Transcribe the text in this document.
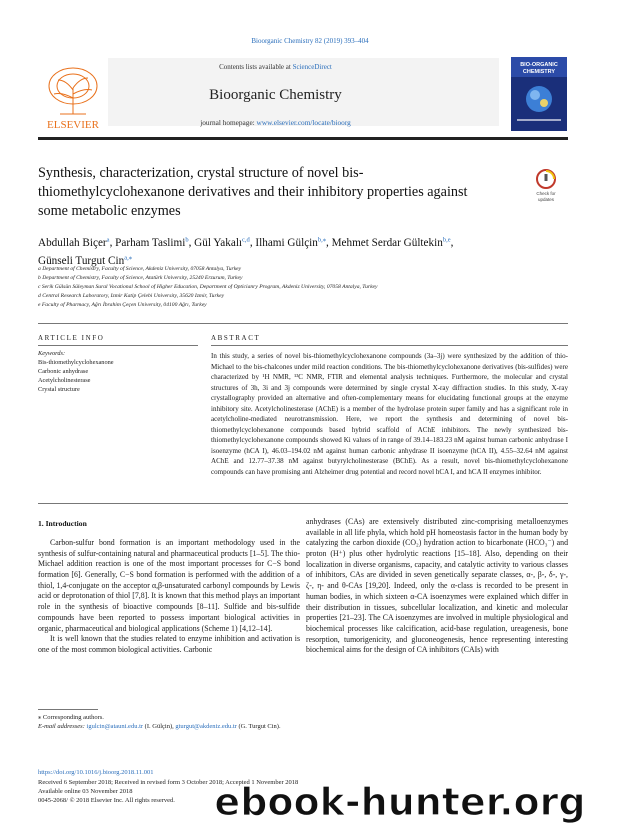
Bioorganic Chemistry 82 (2019) 393–404
ELSEVIER
Contents lists available at ScienceDirect
Bioorganic Chemistry
journal homepage: www.elsevier.com/locate/bioorg
BIO-ORGANIC
CHEMISTRY
Synthesis, characterization, crystal structure of novel bis-thiomethylcyclohexanone derivatives and their inhibitory properties against some metabolic enzymes
Check for
updates
Abdullah Biçer$^a$, Parham Taslimi$^b$, Gül Yakalı$^{c,d}$, Ilhami Gülçin$^{b,⁎}$, Mehmet Serdar Gültekin$^{b,e}$,
Günseli Turgut Cin$^{a,⁎}$
a Department of Chemistry, Faculty of Science, Akdeniz University, 07058 Antalya, Turkey
b Department of Chemistry, Faculty of Science, Atatürk University, 25240 Erzurum, Turkey
c Serik Gülsün Süleyman Sural Vocational School of Higher Education, Department of Opticianry Program, Akdeniz University, 07058 Antalya, Turkey
d Central Research Laboratory, Izmir Katip Çelebi University, 35620 Izmir, Turkey
e Faculty of Pharmacy, Ağrı İbrahim Çeçen University, 04100 Ağrı, Turkey
ARTICLE INFO	ABSTRACT
Keywords:
Bis-thiomethylcyclohexanone
Carbonic anhydrase
Acetylcholinesterase
Crystal structure
In this study, a series of novel bis-thiomethylcyclohexanone compounds (3a–3j) were synthesized by the addition of thio-Michael to the bis-chalcones under mild reaction conditions. The bis-thiomethylcyclohexanone derivatives (bis-sulfides) were characterized by ¹H NMR, ¹³C NMR, FTIR and elemental analysis techniques. Furthermore, the molecular and crystal structures of 3h, 3i and 3j compounds were determined by single crystal X-ray diffraction studies. In this study, X-ray crystallography provided an alternative and often-complementary means for elucidating functional groups at the enzyme inhibitory site. Acetylcholinesterase (AChE) is a member of the hydrolase protein super family and has a significant role in acetylcholine-mediated neurotransmission. Here, we report the synthesis and determining of novel bis-thiomethylcyclohexanone compounds based hybrid scaffold of AChE inhibitors. The newly synthesized bis-thiomethylcyclohexanone compounds showed Ki values of in range of 39.14–183.23 nM against human carbonic anhydrase I isoenzyme (hCA I), 46.03–194.02 nM against human carbonic anhydrase II isoenzyme (hCA II), 4.55–32.64 nM against AChE and 12.77–37.38 nM against butyrylcholinesterase (BChE). As a result, novel bis-thiomethylcyclohexanone compounds can have promising anti Alzheimer drug potential and record novel hCA I, and hCA II enzymes inhibitor.
1. Introduction

Carbon-sulfur bond formation is an important methodology used in the synthesis of sulfur-containing natural and pharmaceutical products [1–5]. The thio-Michael addition reaction is one of the most important processes for C−S bond formation [6]. Generally, C−S bond formation is performed with the addition of a thiol, 1,4-conjugate on the acceptor α,β-unsaturated carbonyl compounds by Lewis acid or deprotonation of thiol [7,8]. It is known that this method plays an important role in the synthesis of bioactive compounds [8–11]. Sulfide and bis-sulfide compounds have been reported to possess important biological activities in organic, pharmaceutical and biological applications (Scheme 1) [4,12–14].

It is well known that the studies related to enzyme inhibition and activation is one of the most common biological activities. Carbonic

anhydrases (CAs) are extensively distributed zinc-comprising metalloenzymes available in all life phyla, which hold pH homeostasis factor in the human body by catalyzing the carbon dioxide (CO₂) hydration action to bicarbonate (HCO₃⁻) and proton (H⁺) plus other hydrolytic reactions [15–18]. Also, depending on their localization in diverse organisms, capacity, and catalytic activity to various classes of inhibitors, CAs are divided in seven genetically separate classes, α-, β-, δ-, γ-, ζ-, η- and θ-CAs [19,20]. Indeed, only the α-class is recorded to be present in human bodies, in which sixteen α-CA isoenzymes were explained which differ in their distribution in tissues, subcellular localization, and kinetic and molecular properties [21–23]. The CA isoenzymes are involved in multiple physiological and biochemical processes like calcification, acid-base regulation, ureagenesis, bone resorption, tumorigenicity, and gluconeogenesis, hence representing interesting biochemical aims for the design of CA inhibitors (CAIs) with

⁎ Corresponding authors.
E-mail addresses: igulcin@atauni.edu.tr (I. Gülçin), gturgut@akdeniz.edu.tr (G. Turgut Cin).
https://doi.org/10.1016/j.bioorg.2018.11.001
Received 6 September 2018; Received in revised form 3 October 2018; Accepted 1 November 2018
Available online 03 November 2018
0045-2068/ © 2018 Elsevier Inc. All rights reserved. ebook-hunter.org
